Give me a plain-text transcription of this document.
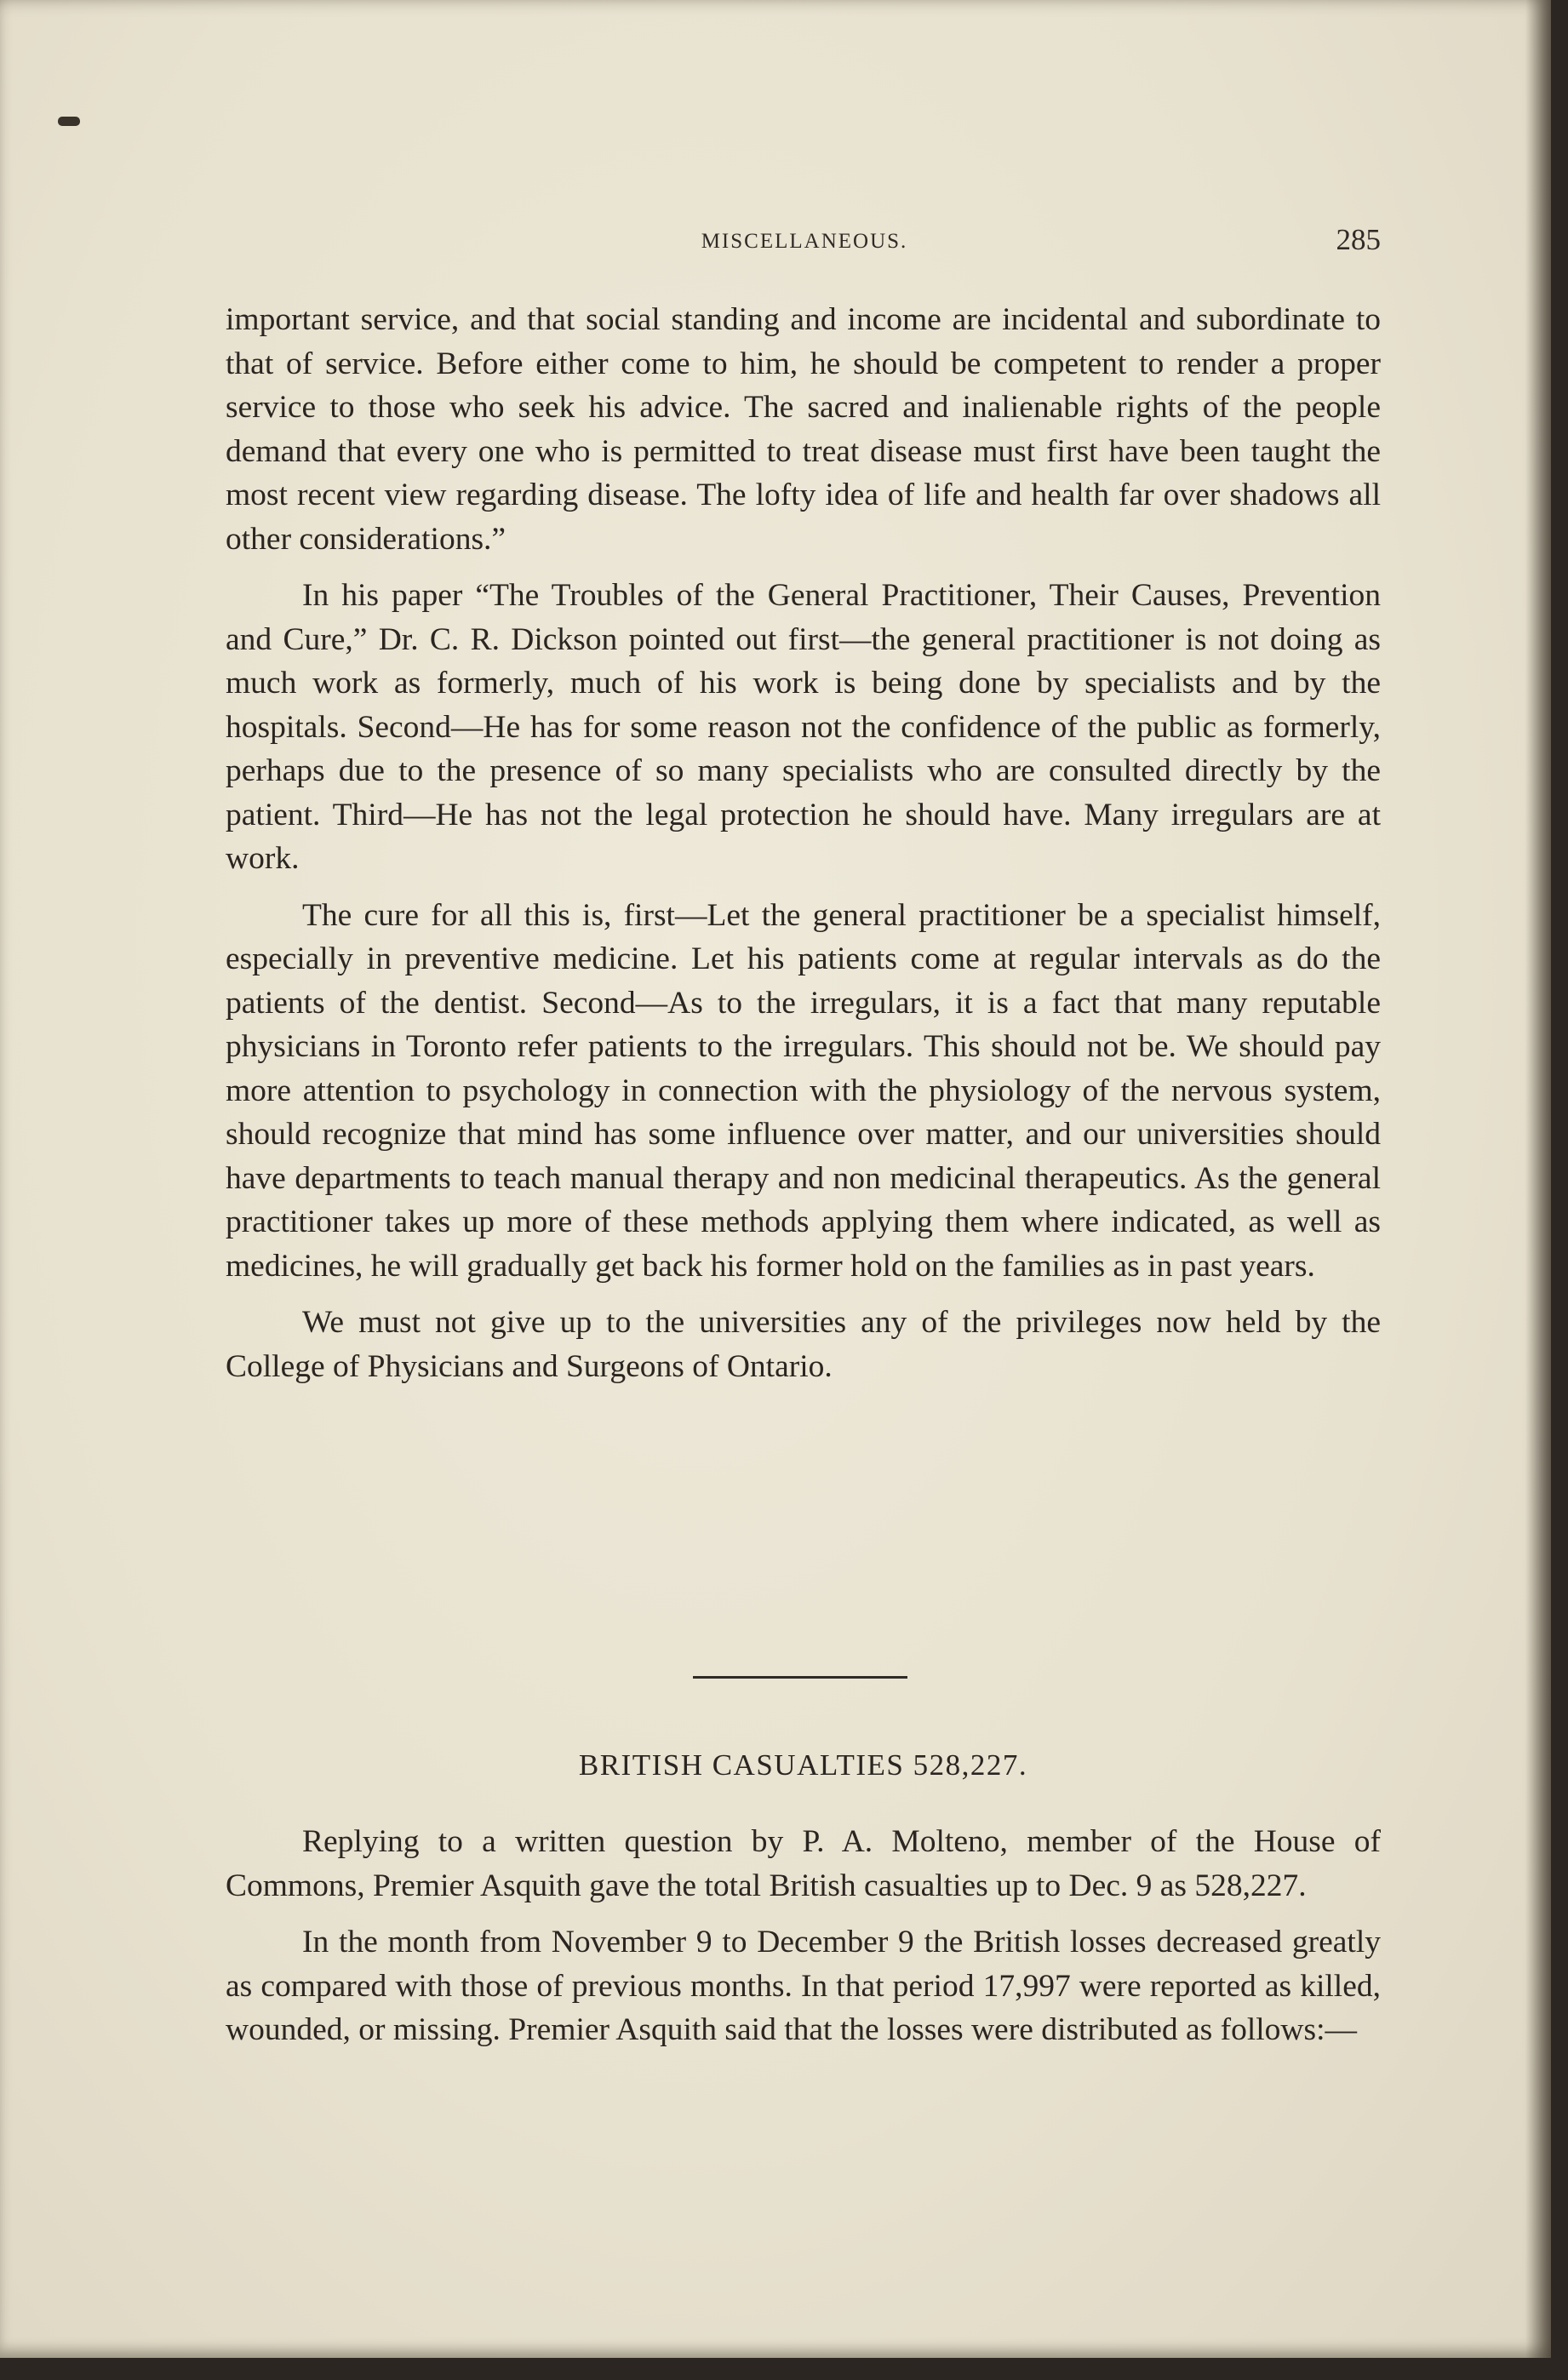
MISCELLANEOUS.	285

important service, and that social standing and income are incidental and subordinate to that of service. Before either come to him, he should be competent to render a proper service to those who seek his advice. The sacred and inalienable rights of the people demand that every one who is permitted to treat disease must first have been taught the most recent view regarding disease. The lofty idea of life and health far over shadows all other considerations.”

In his paper “The Troubles of the General Practitioner, Their Causes, Prevention and Cure,” Dr. C. R. Dickson pointed out first—the general practitioner is not doing as much work as formerly, much of his work is being done by specialists and by the hospitals. Second—He has for some reason not the confidence of the public as formerly, perhaps due to the presence of so many specialists who are consulted directly by the patient. Third—He has not the legal protection he should have. Many irregulars are at work.

The cure for all this is, first—Let the general practitioner be a specialist himself, especially in preventive medicine. Let his patients come at regular intervals as do the patients of the dentist. Second—As to the irregulars, it is a fact that many reputable physicians in Toronto refer patients to the irregulars. This should not be. We should pay more attention to psychology in connection with the physiology of the nervous system, should recognize that mind has some influence over matter, and our universities should have departments to teach manual therapy and non medicinal therapeutics. As the general practitioner takes up more of these methods applying them where indicated, as well as medicines, he will gradually get back his former hold on the families as in past years.

We must not give up to the universities any of the privileges now held by the College of Physicians and Surgeons of Ontario.

BRITISH CASUALTIES 528,227.

Replying to a written question by P. A. Molteno, member of the House of Commons, Premier Asquith gave the total British casualties up to Dec. 9 as 528,227.

In the month from November 9 to December 9 the British losses decreased greatly as compared with those of previous months. In that period 17,997 were reported as killed, wounded, or missing. Premier Asquith said that the losses were distributed as follows:—
